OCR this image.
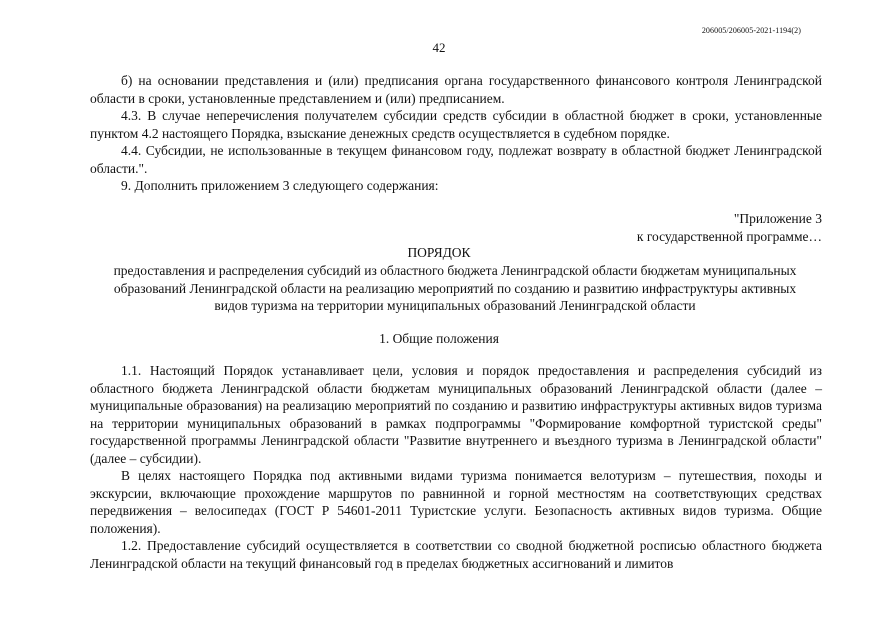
206005/206005-2021-1194(2)
42

б) на основании представления и (или) предписания органа государственного финансового контроля Ленинградской области в сроки, установленные представлением и (или) предписанием.

4.3. В случае неперечисления получателем субсидии средств субсидии в областной бюджет в сроки, установленные пунктом 4.2 настоящего Порядка, взыскание денежных средств осуществляется в судебном порядке.

4.4. Субсидии, не использованные в текущем финансовом году, подлежат возврату в областной бюджет Ленинградской области.".

9. Дополнить приложением 3 следующего содержания:

"Приложение 3
к государственной программе…
ПОРЯДОК
предоставления и распределения субсидий из областного бюджета Ленинградской области бюджетам муниципальных образований Ленинградской области на реализацию мероприятий по созданию и развитию инфраструктуры активных видов туризма на территории муниципальных образований Ленинградской области
1. Общие положения

1.1. Настоящий Порядок устанавливает цели, условия и порядок предоставления и распределения субсидий из областного бюджета Ленинградской области бюджетам муниципальных образований Ленинградской области (далее – муниципальные образования) на реализацию мероприятий по созданию и развитию инфраструктуры активных видов туризма на территории муниципальных образований в рамках подпрограммы "Формирование комфортной туристской среды" государственной программы Ленинградской области "Развитие внутреннего и въездного туризма в Ленинградской области" (далее – субсидии).

В целях настоящего Порядка под активными видами туризма понимается велотуризм – путешествия, походы и экскурсии, включающие прохождение маршрутов по равнинной и горной местностям на соответствующих средствах передвижения – велосипедах (ГОСТ Р 54601-2011 Туристские услуги. Безопасность активных видов туризма. Общие положения).

1.2. Предоставление субсидий осуществляется в соответствии со сводной бюджетной росписью областного бюджета Ленинградской области на текущий финансовый год в пределах бюджетных ассигнований и лимитов
